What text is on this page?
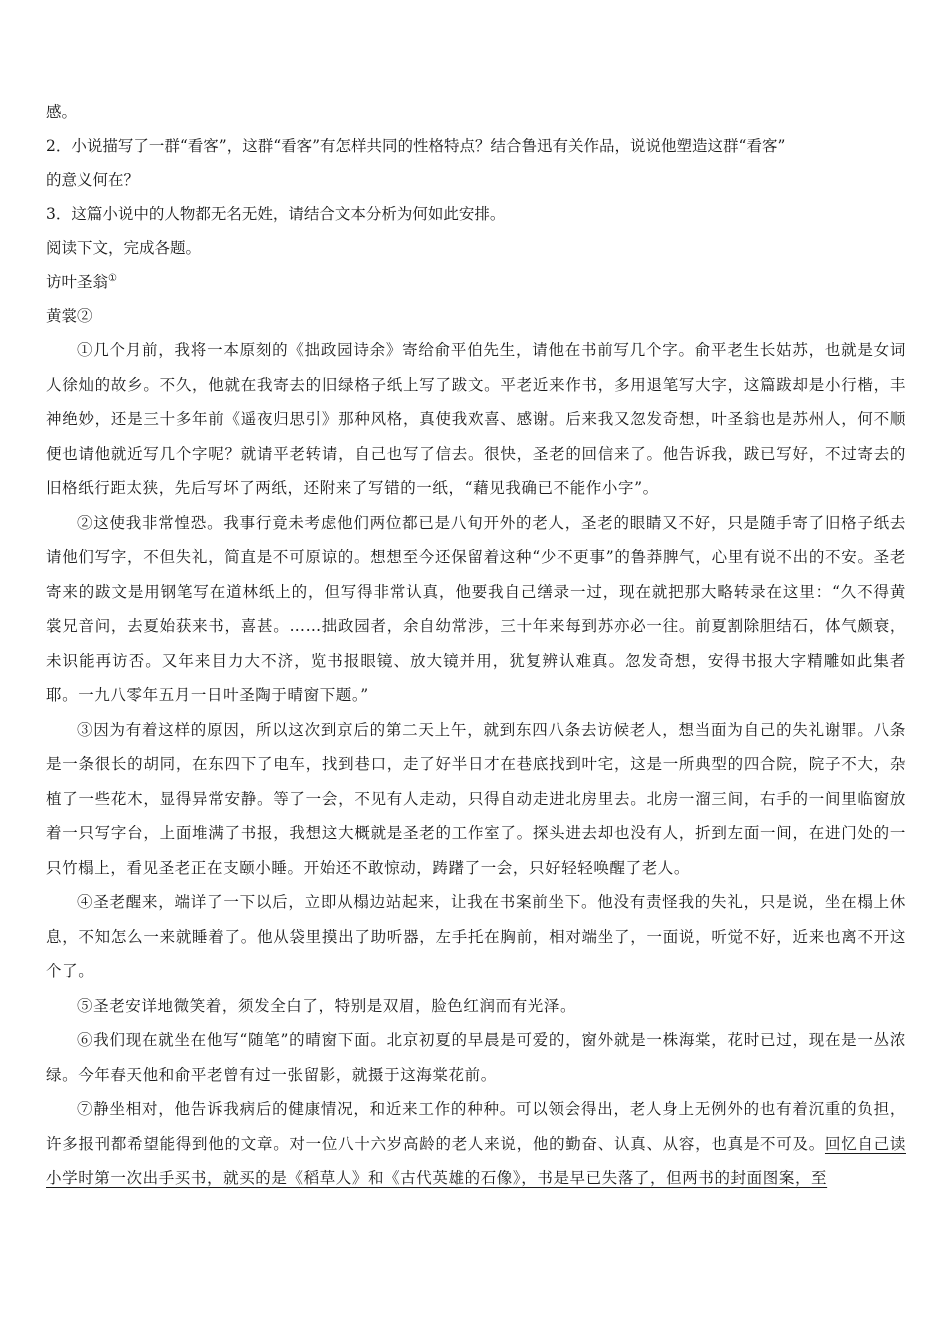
感。
2．小说描写了一群“看客”，这群“看客”有怎样共同的性格特点？结合鲁迅有关作品，说说他塑造这群“看客”
的意义何在？
3．这篇小说中的人物都无名无姓，请结合文本分析为何如此安排。
阅读下文，完成各题。
访叶圣翁①
黄裳②

①几个月前，我将一本原刻的《拙政园诗余》寄给俞平伯先生，请他在书前写几个字。俞平老生长姑苏，也就是女词人徐灿的故乡。不久，他就在我寄去的旧绿格子纸上写了跋文。平老近来作书，多用退笔写大字，这篇跋却是小行楷，丰神绝妙，还是三十多年前《遥夜归思引》那种风格，真使我欢喜、感谢。后来我又忽发奇想，叶圣翁也是苏州人，何不顺便也请他就近写几个字呢？就请平老转请，自己也写了信去。很快，圣老的回信来了。他告诉我，跋已写好，不过寄去的旧格纸行距太狭，先后写坏了两纸，还附来了写错的一纸，“藉见我确已不能作小字”。

②这使我非常惶恐。我事行竟未考虑他们两位都已是八旬开外的老人，圣老的眼睛又不好，只是随手寄了旧格子纸去请他们写字，不但失礼，简直是不可原谅的。想想至今还保留着这种“少不更事”的鲁莽脾气，心里有说不出的不安。圣老寄来的跋文是用钢笔写在道林纸上的，但写得非常认真，他要我自己缮录一过，现在就把那大略转录在这里：“久不得黄裳兄音问，去夏始获来书，喜甚。……拙政园者，余自幼常涉，三十年来每到苏亦必一往。前夏割除胆结石，体气颇衰，未识能再访否。又年来目力大不济，览书报眼镜、放大镜并用，犹复辨认难真。忽发奇想，安得书报大字精雕如此集者耶。一九八零年五月一日叶圣陶于晴窗下题。”

③因为有着这样的原因，所以这次到京后的第二天上午，就到东四八条去访候老人，想当面为自己的失礼谢罪。八条是一条很长的胡同，在东四下了电车，找到巷口，走了好半日才在巷底找到叶宅，这是一所典型的四合院，院子不大，杂植了一些花木，显得异常安静。等了一会，不见有人走动，只得自动走进北房里去。北房一溜三间，右手的一间里临窗放着一只写字台，上面堆满了书报，我想这大概就是圣老的工作室了。探头进去却也没有人，折到左面一间，在进门处的一只竹榻上，看见圣老正在支颐小睡。开始还不敢惊动，踌躇了一会，只好轻轻唤醒了老人。

④圣老醒来，端详了一下以后，立即从榻边站起来，让我在书案前坐下。他没有责怪我的失礼，只是说，坐在榻上休息，不知怎么一来就睡着了。他从袋里摸出了助听器，左手托在胸前，相对端坐了，一面说，听觉不好，近来也离不开这个了。

⑤圣老安详地微笑着，须发全白了，特别是双眉，脸色红润而有光泽。

⑥我们现在就坐在他写“随笔”的晴窗下面。北京初夏的早晨是可爱的，窗外就是一株海棠，花时已过，现在是一丛浓绿。今年春天他和俞平老曾有过一张留影，就摄于这海棠花前。

⑦静坐相对，他告诉我病后的健康情况，和近来工作的种种。可以领会得出，老人身上无例外的也有着沉重的负担，许多报刊都希望能得到他的文章。对一位八十六岁高龄的老人来说，他的勤奋、认真、从容，也真是不可及。回忆自己读小学时第一次出手买书，就买的是《稻草人》和《古代英雄的石像》，书是早已失落了，但两书的封面图案，至
